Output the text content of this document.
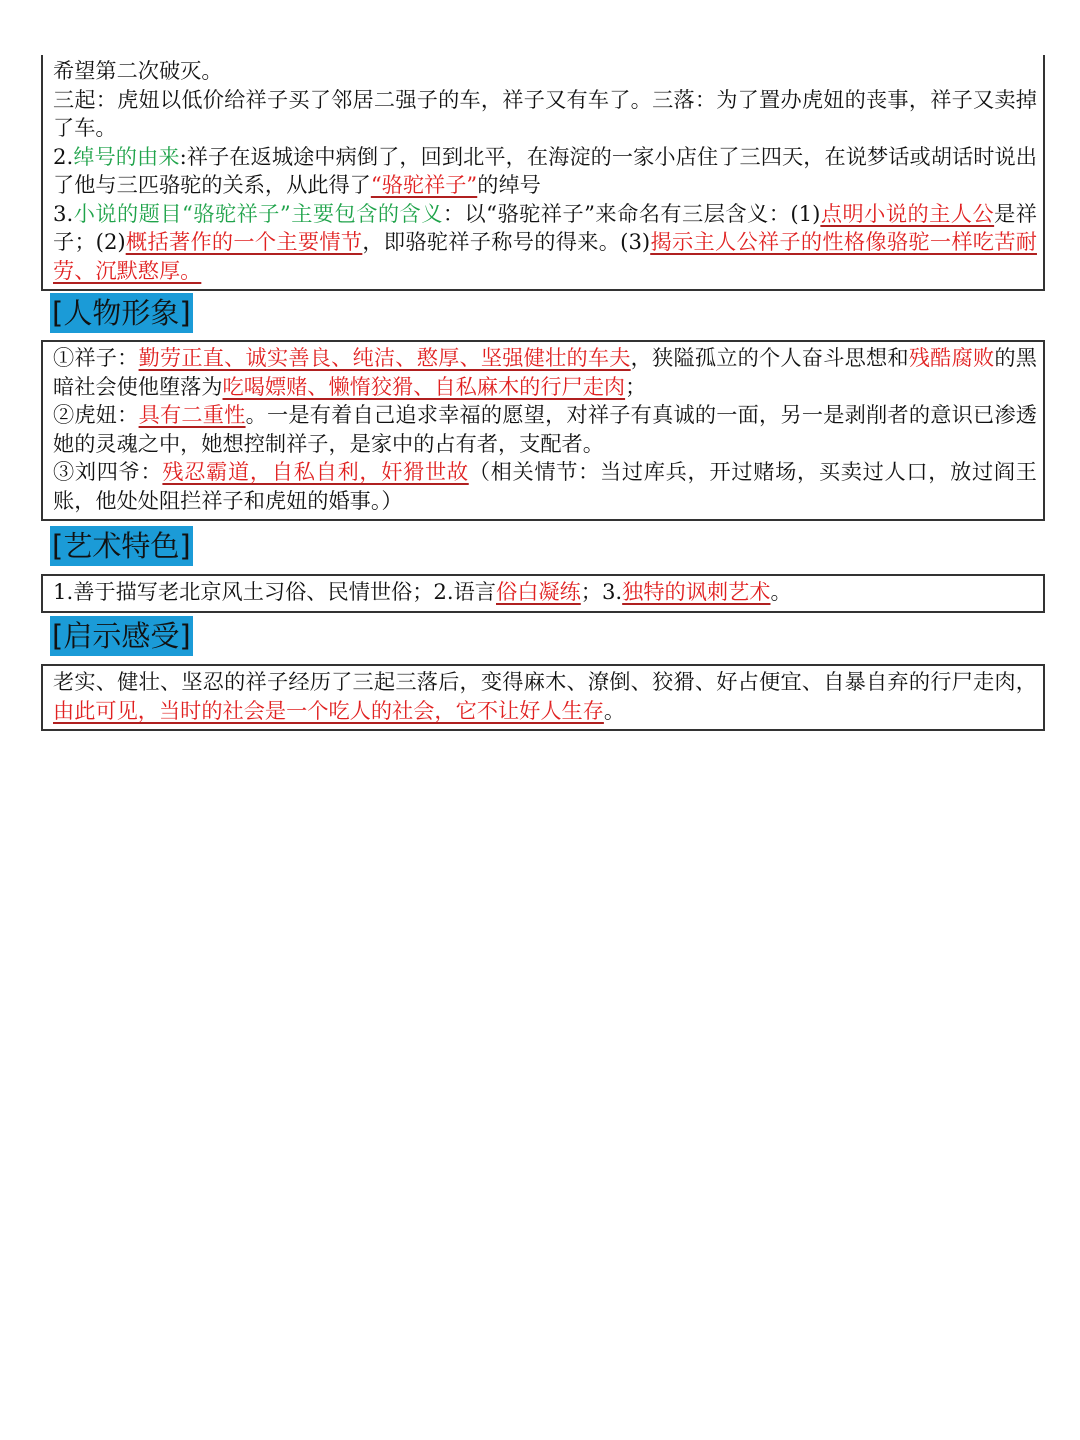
希望第二次破灭。

三起：虎妞以低价给祥子买了邻居二强子的车，祥子又有车了。三落：为了置办虎妞的丧事，祥子又卖掉了车。

2.绰号的由来:祥子在返城途中病倒了，回到北平，在海淀的一家小店住了三四天，在说梦话或胡话时说出了他与三匹骆驼的关系，从此得了“骆驼祥子”的绰号

3.小说的题目“骆驼祥子”主要包含的含义：以“骆驼祥子”来命名有三层含义：(1)点明小说的主人公是祥子；(2)概括著作的一个主要情节，即骆驼祥子称号的得来。(3)揭示主人公祥子的性格像骆驼一样吃苦耐劳、沉默憨厚。

[人物形象]

①祥子：勤劳正直、诚实善良、纯洁、憨厚、坚强健壮的车夫，狭隘孤立的个人奋斗思想和残酷腐败的黑暗社会使他堕落为吃喝嫖赌、懒惰狡猾、自私麻木的行尸走肉；

②虎妞：具有二重性。一是有着自己追求幸福的愿望，对祥子有真诚的一面，另一是剥削者的意识已渗透她的灵魂之中，她想控制祥子，是家中的占有者，支配者。

③刘四爷：残忍霸道，自私自利，奸猾世故（相关情节：当过库兵，开过赌场，买卖过人口，放过阎王账，他处处阻拦祥子和虎妞的婚事。）

[艺术特色]

1.善于描写老北京风土习俗、民情世俗；2.语言俗白凝练；3.独特的讽刺艺术。

[启示感受]

老实、健壮、坚忍的祥子经历了三起三落后，变得麻木、潦倒、狡猾、好占便宜、自暴自弃的行尸走肉，由此可见，当时的社会是一个吃人的社会，它不让好人生存。
